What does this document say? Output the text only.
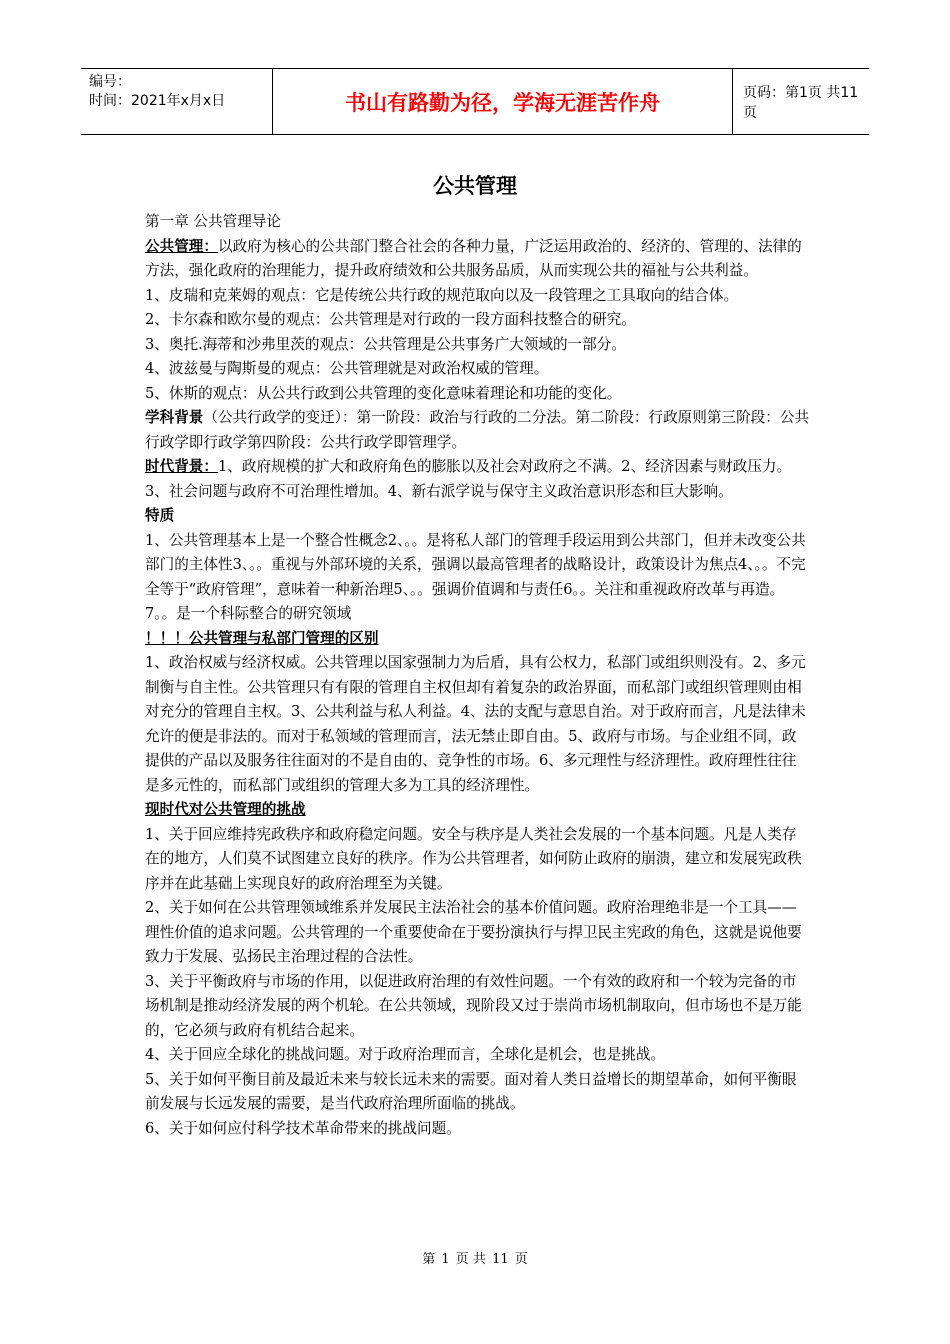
编号：
时间：2021年x月x日	书山有路勤为径，学海无涯苦作舟	页码：第1页 共11页
公共管理

第一章 公共管理导论

公共管理：以政府为核心的公共部门整合社会的各种力量，广泛运用政治的、经济的、管理的、法律的方法，强化政府的治理能力，提升政府绩效和公共服务品质，从而实现公共的福祉与公共利益。

1、皮瑞和克莱姆的观点：它是传统公共行政的规范取向以及一段管理之工具取向的结合体。

2、卡尔森和欧尔曼的观点：公共管理是对行政的一段方面科技整合的研究。

3、奥托.海蒂和沙弗里茨的观点：公共管理是公共事务广大领域的一部分。

4、波兹曼与陶斯曼的观点：公共管理就是对政治权威的管理。

5、休斯的观点：从公共行政到公共管理的变化意味着理论和功能的变化。

学科背景（公共行政学的变迁）：第一阶段：政治与行政的二分法。第二阶段：行政原则第三阶段：公共行政学即行政学第四阶段：公共行政学即管理学。

时代背景：1、政府规模的扩大和政府角色的膨胀以及社会对政府之不满。2、经济因素与财政压力。3、社会问题与政府不可治理性增加。4、新右派学说与保守主义政治意识形态和巨大影响。

特质

1、公共管理基本上是一个整合性概念2、。。是将私人部门的管理手段运用到公共部门，但并未改变公共部门的主体性3、。。重视与外部环境的关系，强调以最高管理者的战略设计，政策设计为焦点4、。。不完全等于“政府管理”，意味着一种新治理5、。。强调价值调和与责任6。。关注和重视政府改革与再造。7。。是一个科际整合的研究领域

！！！公共管理与私部门管理的区别

1、政治权威与经济权威。公共管理以国家强制力为后盾，具有公权力，私部门或组织则没有。2、多元制衡与自主性。公共管理只有有限的管理自主权但却有着复杂的政治界面，而私部门或组织管理则由相对充分的管理自主权。3、公共利益与私人利益。4、法的支配与意思自治。对于政府而言，凡是法律未允许的便是非法的。而对于私领域的管理而言，法无禁止即自由。5、政府与市场。与企业组不同，政提供的产品以及服务往往面对的不是自由的、竞争性的市场。6、多元理性与经济理性。政府理性往往是多元性的，而私部门或组织的管理大多为工具的经济理性。

现时代对公共管理的挑战

1、关于回应维持宪政秩序和政府稳定问题。安全与秩序是人类社会发展的一个基本问题。凡是人类存在的地方，人们莫不试图建立良好的秩序。作为公共管理者，如何防止政府的崩溃，建立和发展宪政秩序并在此基础上实现良好的政府治理至为关键。

2、关于如何在公共管理领域维系并发展民主法治社会的基本价值问题。政府治理绝非是一个工具——理性价值的追求问题。公共管理的一个重要使命在于要扮演执行与捍卫民主宪政的角色，这就是说他要致力于发展、弘扬民主治理过程的合法性。

3、关于平衡政府与市场的作用，以促进政府治理的有效性问题。一个有效的政府和一个较为完备的市场机制是推动经济发展的两个机轮。在公共领域，现阶段又过于崇尚市场机制取向，但市场也不是万能的，它必须与政府有机结合起来。

4、关于回应全球化的挑战问题。对于政府治理而言，全球化是机会，也是挑战。

5、关于如何平衡目前及最近未来与较长远未来的需要。面对着人类日益增长的期望革命，如何平衡眼前发展与长远发展的需要，是当代政府治理所面临的挑战。

6、关于如何应付科学技术革命带来的挑战问题。

第 1 页 共 11 页
